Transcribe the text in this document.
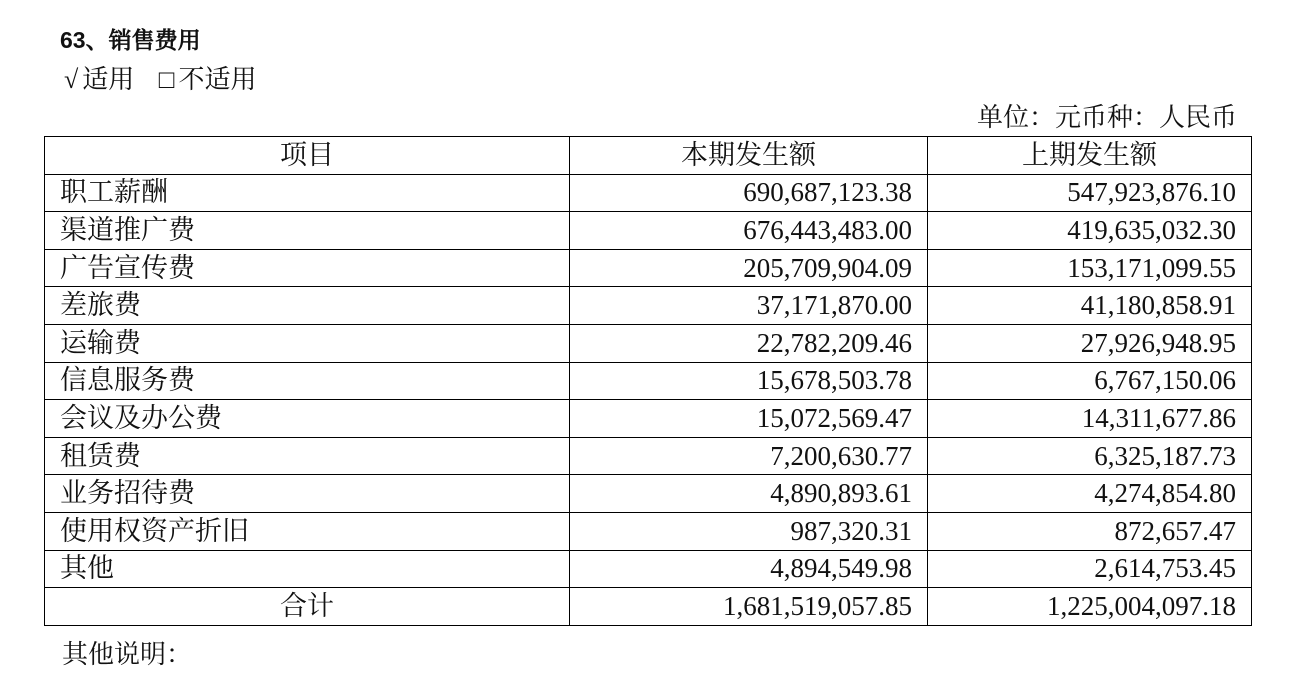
63、销售费用
√ 适用 □ 不适用
单位：元币种：人民币
项目	本期发生额	上期发生额
职工薪酬	690,687,123.38	547,923,876.10
渠道推广费	676,443,483.00	419,635,032.30
广告宣传费	205,709,904.09	153,171,099.55
差旅费	37,171,870.00	41,180,858.91
运输费	22,782,209.46	27,926,948.95
信息服务费	15,678,503.78	6,767,150.06
会议及办公费	15,072,569.47	14,311,677.86
租赁费	7,200,630.77	6,325,187.73
业务招待费	4,890,893.61	4,274,854.80
使用权资产折旧	987,320.31	872,657.47
其他	4,894,549.98	2,614,753.45
合计	1,681,519,057.85	1,225,004,097.18
其他说明：
